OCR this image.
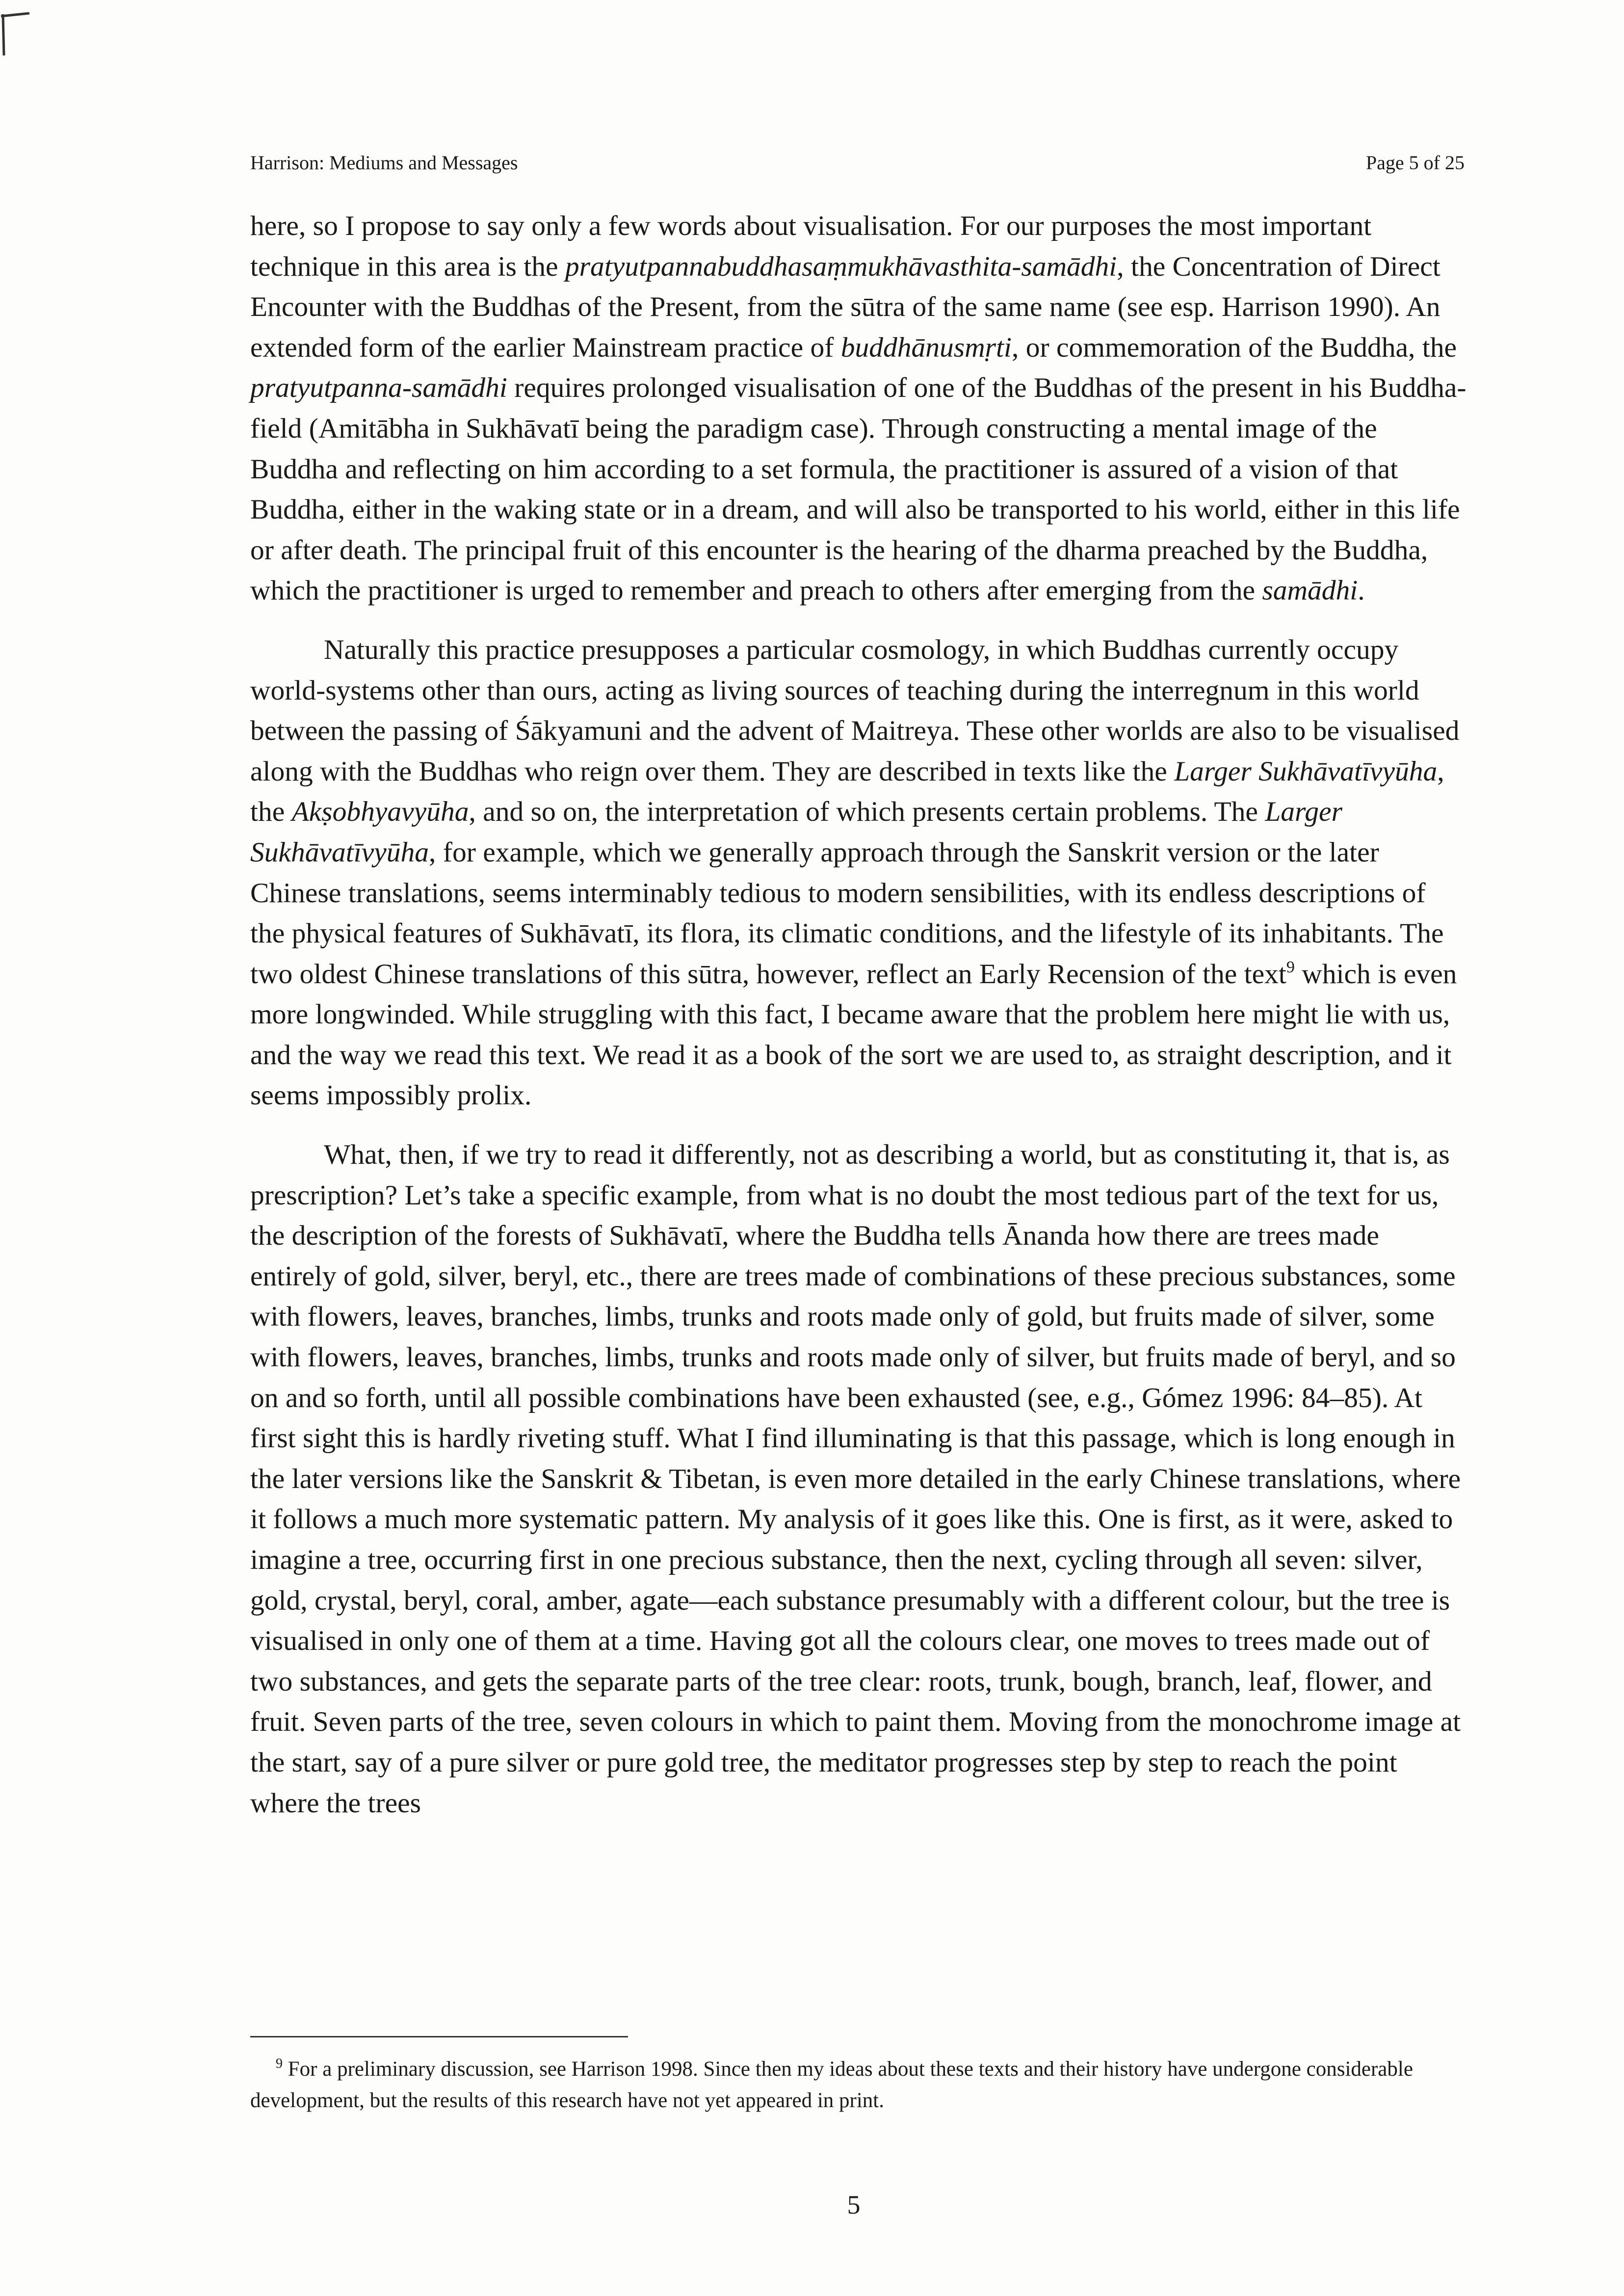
Harrison: Mediums and Messages	Page 5 of 25

here, so I propose to say only a few words about visualisation. For our purposes the most important technique in this area is the pratyutpannabuddhasaṃmukhāvasthita-samādhi, the Concentration of Direct Encounter with the Buddhas of the Present, from the sūtra of the same name (see esp. Harrison 1990). An extended form of the earlier Mainstream practice of buddhānusmṛti, or commemoration of the Buddha, the pratyutpanna-samādhi requires prolonged visualisation of one of the Buddhas of the present in his Buddha-field (Amitābha in Sukhāvatī being the paradigm case). Through constructing a mental image of the Buddha and reflecting on him according to a set formula, the practitioner is assured of a vision of that Buddha, either in the waking state or in a dream, and will also be transported to his world, either in this life or after death. The principal fruit of this encounter is the hearing of the dharma preached by the Buddha, which the practitioner is urged to remember and preach to others after emerging from the samādhi.

Naturally this practice presupposes a particular cosmology, in which Buddhas currently occupy world-systems other than ours, acting as living sources of teaching during the interregnum in this world between the passing of Śākyamuni and the advent of Maitreya. These other worlds are also to be visualised along with the Buddhas who reign over them. They are described in texts like the Larger Sukhāvatīvyūha, the Akṣobhyavyūha, and so on, the interpretation of which presents certain problems. The Larger Sukhāvatīvyūha, for example, which we generally approach through the Sanskrit version or the later Chinese translations, seems interminably tedious to modern sensibilities, with its endless descriptions of the physical features of Sukhāvatī, its flora, its climatic conditions, and the lifestyle of its inhabitants. The two oldest Chinese translations of this sūtra, however, reflect an Early Recension of the text$^9$ which is even more longwinded. While struggling with this fact, I became aware that the problem here might lie with us, and the way we read this text. We read it as a book of the sort we are used to, as straight description, and it seems impossibly prolix.

What, then, if we try to read it differently, not as describing a world, but as constituting it, that is, as prescription? Let’s take a specific example, from what is no doubt the most tedious part of the text for us, the description of the forests of Sukhāvatī, where the Buddha tells Ānanda how there are trees made entirely of gold, silver, beryl, etc., there are trees made of combinations of these precious substances, some with flowers, leaves, branches, limbs, trunks and roots made only of gold, but fruits made of silver, some with flowers, leaves, branches, limbs, trunks and roots made only of silver, but fruits made of beryl, and so on and so forth, until all possible combinations have been exhausted (see, e.g., Gómez 1996: 84–85). At first sight this is hardly riveting stuff. What I find illuminating is that this passage, which is long enough in the later versions like the Sanskrit & Tibetan, is even more detailed in the early Chinese translations, where it follows a much more systematic pattern. My analysis of it goes like this. One is first, as it were, asked to imagine a tree, occurring first in one precious substance, then the next, cycling through all seven: silver, gold, crystal, beryl, coral, amber, agate—each substance presumably with a different colour, but the tree is visualised in only one of them at a time. Having got all the colours clear, one moves to trees made out of two substances, and gets the separate parts of the tree clear: roots, trunk, bough, branch, leaf, flower, and fruit. Seven parts of the tree, seven colours in which to paint them. Moving from the monochrome image at the start, say of a pure silver or pure gold tree, the meditator progresses step by step to reach the point where the trees

$^9$ For a preliminary discussion, see Harrison 1998. Since then my ideas about these texts and their history have undergone considerable development, but the results of this research have not yet appeared in print.
5
